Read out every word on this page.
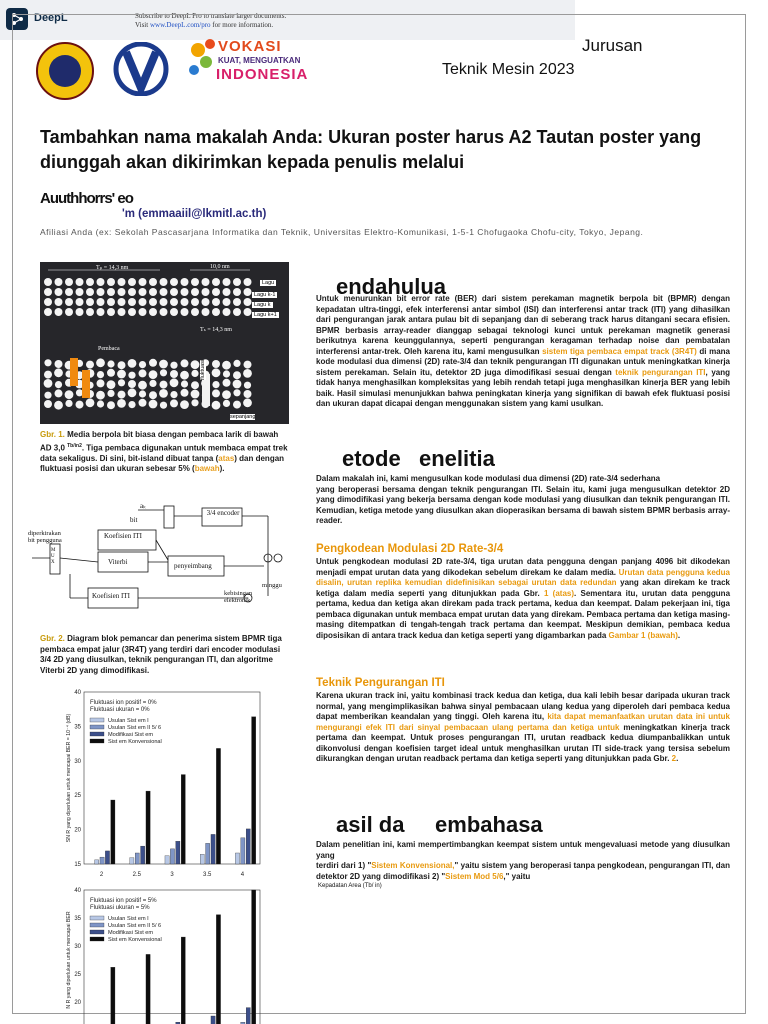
DeepL	Subscribe to DeepL Pro to translate larger documents.
Visit www.DeepL.com/pro for more information.
VOKASI
KUAT, MENGUATKAN
INDONESIA
Jurusan
Teknik Mesin 2023
Tambahkan nama makalah Anda: Ukuran poster harus A2 Tautan poster yang diunggah akan dikirimkan kepada penulis melalui
Auuthhorrs' eo
'm (emmaaiil@lkmitl.ac.th)
Afiliasi Anda (ex: Sekolah Pascasarjana Informatika dan Teknik, Universitas Elektro-Komunikasi, 1-5-1 Chofugaoka Chofu-city, Tokyo, Jepang.
Tₚ = 14,3 nm	10,0 nm
Tₛ = 14,3 nm
Lagu
Lagu k-1
Lagu k
Lagu k+1
Pembaca
fluktuasi
sepanjang
Gbr. 1. Media berpola bit biasa dengan pembaca larik di bawah AD 3,0 $^{Tb/in2}$. Tiga pembaca digunakan untuk membaca empat trek data sekaligus. Di sini, bit-island dibuat tanpa (atas) dan dengan fluktuasi posisi dan ukuran sebesar 5% (bawah).
aₖ
bit
3/4 encoder
diperkirakan bit pengguna
Koefisien ITI
Viterbi	penyeimbang
Koefisien ITI	kebisingan elektronik
minggu
M U X
Gbr. 2. Diagram blok pemancar dan penerima sistem BPMR tiga pembaca empat jalur (3R4T) yang terdiri dari encoder modulasi 3/4 2D yang diusulkan, teknik pengurangan ITI, dan algoritme Viterbi 2D yang dimodifikasi.
15
20
25
30
35
40
2	2.5	3	3.5	4
Fluktuasi ion positif = 0%
Fluktuasi ukuran = 0%
Usulan Sist em I
Usulan Sist em II 5/ 6
Modifikasi Sist em
Sist em Konvensional
SN R yang diperlukan untuk mencapai BER = 10⁻⁴ (dB)
20
25
30
35
40
Fluktuasi ion positif = 5%
Fluktuasi ukuran = 5%
Usulan Sist em I
Usulan Sist em II 5/ 6
Modifikasi Sist em
Sist em Konvensional
N R yang diperlukan untuk mencapai BER
endahulua
Untuk menurunkan bit error rate (BER) dari sistem perekaman magnetik berpola bit (BPMR) dengan kepadatan ultra-tinggi, efek interferensi antar simbol (ISI) dan interferensi antar track (ITI) yang dihasilkan dari pengurangan jarak antara pulau bit di sepanjang dan di seberang track harus ditangani secara efisien. BPMR berbasis array-reader dianggap sebagai teknologi kunci untuk perekaman magnetik generasi berikutnya karena keunggulannya, seperti pengurangan keragaman terhadap noise dan pembatalan interferensi antar-trek. Oleh karena itu, kami mengusulkan sistem tiga pembaca empat track (3R4T) di mana kode modulasi dua dimensi (2D) rate-3/4 dan teknik pengurangan ITI digunakan untuk meningkatkan kinerja sistem perekaman. Selain itu, detektor 2D juga dimodifikasi sesuai dengan teknik pengurangan ITI, yang tidak hanya menghasilkan kompleksitas yang lebih rendah tetapi juga menghasilkan kinerja BER yang lebih baik. Hasil simulasi menunjukkan bahwa peningkatan kinerja yang signifikan di bawah efek fluktuasi posisi dan ukuran dapat dicapai dengan menggunakan sistem yang kami usulkan.
etode   enelitia
Dalam makalah ini, kami mengusulkan kode modulasi dua dimensi (2D) rate-3/4 sederhana
yang beroperasi bersama dengan teknik pengurangan ITI. Selain itu, kami juga mengusulkan detektor 2D yang dimodifikasi yang bekerja bersama dengan kode modulasi yang diusulkan dan teknik pengurangan ITI. Kemudian, ketiga metode yang diusulkan akan dioperasikan bersama di bawah sistem BPMR berbasis array-reader.
Pengkodean Modulasi 2D Rate-3/4
Untuk pengkodean modulasi 2D rate-3/4, tiga urutan data pengguna dengan panjang 4096 bit dikodekan menjadi empat urutan data yang dikodekan sebelum direkam ke dalam media. Urutan data pengguna kedua disalin, urutan replika kemudian didefinisikan sebagai urutan data redundan yang akan direkam ke track ketiga dalam media seperti yang ditunjukkan pada Gbr. 1 (atas). Sementara itu, urutan data pengguna pertama, kedua dan ketiga akan direkam pada track pertama, kedua dan keempat. Dalam pekerjaan ini, tiga pembaca digunakan untuk membaca empat urutan data yang direkam. Pembaca pertama dan ketiga masing-masing ditempatkan di tengah-tengah track pertama dan keempat. Meskipun demikian, pembaca kedua diposisikan di antara track kedua dan ketiga seperti yang digambarkan pada Gambar 1 (bawah).
Teknik Pengurangan ITI
Karena ukuran track ini, yaitu kombinasi track kedua dan ketiga, dua kali lebih besar daripada ukuran track normal, yang mengimplikasikan bahwa sinyal pembacaan ulang kedua yang diperoleh dari pembaca kedua dapat memberikan keandalan yang tinggi. Oleh karena itu, kita dapat memanfaatkan urutan data ini untuk mengurangi efek ITI dari sinyal pembacaan ulang pertama dan ketiga untuk meningkatkan kinerja track pertama dan keempat. Untuk proses pengurangan ITI, urutan readback kedua diumpanbalikkan untuk dikonvolusi dengan koefisien target ideal untuk menghasilkan urutan ITI side-track yang tersisa sebelum dikurangkan dengan urutan readback pertama dan ketiga seperti yang ditunjukkan pada Gbr. 2.
asil da     embahasa
Dalam penelitian ini, kami mempertimbangkan keempat sistem untuk mengevaluasi metode yang diusulkan yang
terdiri dari 1) "Sistem Konvensional," yaitu sistem yang beroperasi tanpa pengkodean, pengurangan ITI, dan detektor 2D yang dimodifikasi 2) "Sistem Mod 5/6," yaitu
Kepadatan Area (Tb/ in)
